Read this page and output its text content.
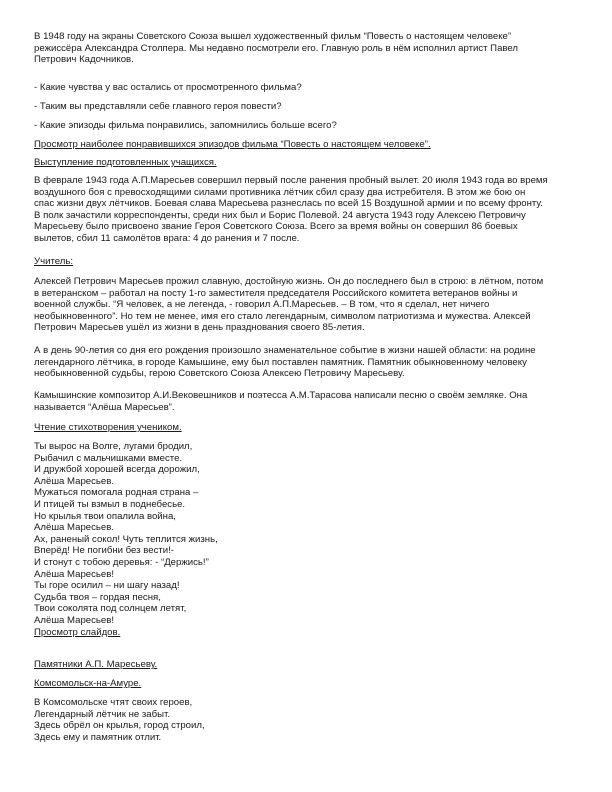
В 1948 году на экраны Советского Союза вышел художественный фильм “Повесть о настоящем человеке”
режиссёра Александра Столпера. Мы недавно посмотрели его. Главную роль в нём исполнил артист Павел
Петрович Кадочников.
- Какие чувства у вас остались от просмотренного фильма?
- Таким вы представляли себе главного героя повести?
- Какие эпизоды фильма понравились, запомнились больше всего?
Просмотр наиболее понравившихся эпизодов фильма “Повесть о настоящем человеке”.
Выступление подготовленных учащихся.
В феврале 1943 года А.П.Маресьев совершил первый после ранения пробный вылет. 20 июля 1943 года во время
воздушного боя с превосходящими силами противника лётчик сбил сразу два истребителя. В этом же бою он
спас жизни двух лётчиков. Боевая слава Маресьева разнеслась по всей 15 Воздушной армии и по всему фронту.
В полк зачастили корреспонденты, среди них был и Борис Полевой. 24 августа 1943 году Алексею Петровичу
Маресьеву было присвоено звание Героя Советского Союза. Всего за время войны он совершил 86 боевых
вылетов, сбил 11 самолётов врага: 4 до ранения и 7 после.
Учитель:
Алексей Петрович Маресьев прожил славную, достойную жизнь. Он до последнего был в строю: в лётном, потом
в ветеранском – работал на посту 1-го заместителя председателя Российского комитета ветеранов войны и
военной службы. “Я человек, а не легенда, - говорил А.П.Маресьев. – В том, что я сделал, нет ничего
необыкновенного”. Но тем не менее, имя его стало легендарным, символом патриотизма и мужества. Алексей
Петрович Маресьев ушёл из жизни в день празднования своего 85-летия.
А в день 90-летия со дня его рождения произошло знаменательное событие в жизни нашей области: на родине
легендарного лётчика, в городе Камышине, ему был поставлен памятник. Памятник обыкновенному человеку
необыкновенной судьбы, герою Советского Союза Алексею Петровичу Маресьеву.
Камышинские композитор А.И.Вековешников и поэтесса А.М.Тарасова написали песню о своём земляке. Она
называется “Алёша Маресьев”.
Чтение стихотворения учеником.
Ты вырос на Волге, лугами бродил,
Рыбачил с мальчишками вместе.
И дружбой хорошей всегда дорожил,
Алёша Маресьев.
Мужаться помогала родная страна –
И птицей ты взмыл в поднебесье.
Но крылья твои опалила война,
Алёша Маресьев.
Ах, раненый сокол! Чуть теплится жизнь,
Вперёд! Не погибни без вести!-
И стонут с тобою деревья: - “Держись!”
Алёша Маресьев!
Ты горе осилил – ни шагу назад!
Судьба твоя – гордая песня,
Твои соколята под солнцем летят,
Алёша Маресьев!
Просмотр слайдов.
Памятники А.П. Маресьеву.
Комсомольск-на-Амуре.
В Комсомольске чтят своих героев,
Легендарный лётчик не забыт.
Здесь обрёл он крылья, город строил,
Здесь ему и памятник отлит.
